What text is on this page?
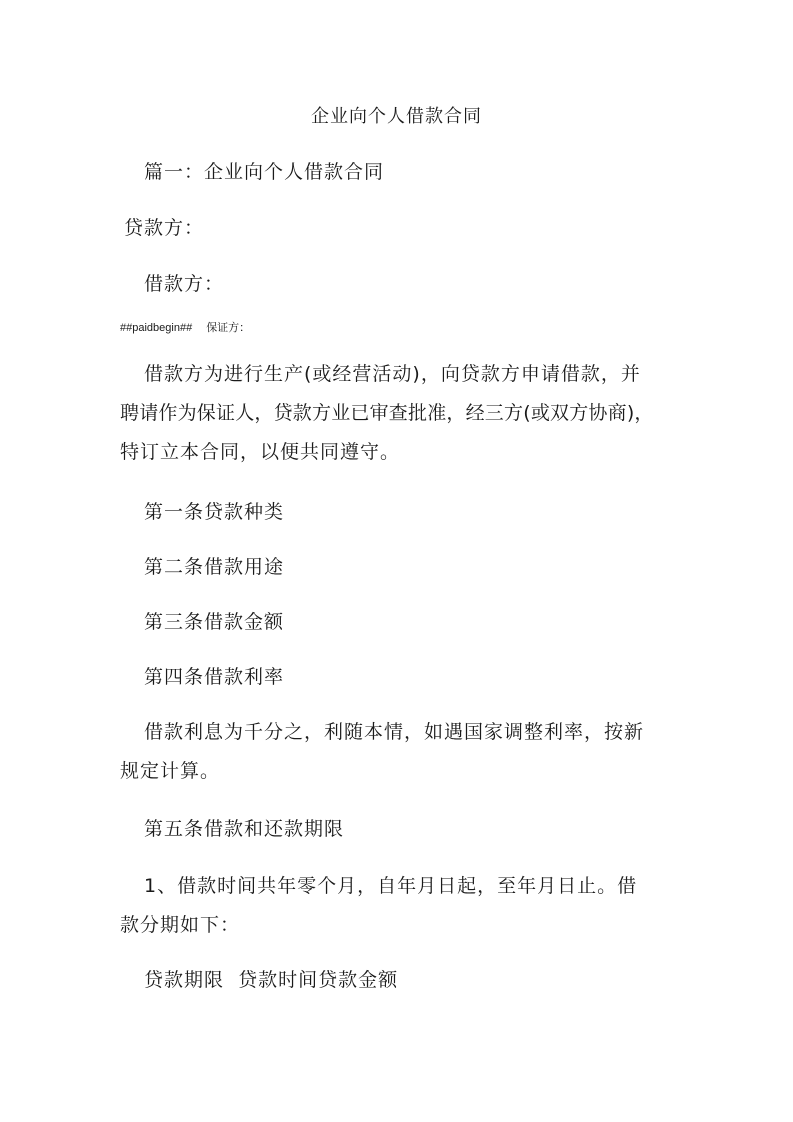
企业向个人借款合同

篇一：企业向个人借款合同

贷款方：

借款方：

##paidbegin## 保证方：

借款方为进行生产(或经营活动)，向贷款方申请借款，并

聘请作为保证人，贷款方业已审查批准，经三方(或双方协商)，

特订立本合同，以便共同遵守。

第一条贷款种类

第二条借款用途

第三条借款金额

第四条借款利率

借款利息为千分之，利随本情，如遇国家调整利率，按新

规定计算。

第五条借款和还款期限

1、借款时间共年零个月，自年月日起，至年月日止。借

款分期如下：

贷款期限  贷款时间贷款金额
